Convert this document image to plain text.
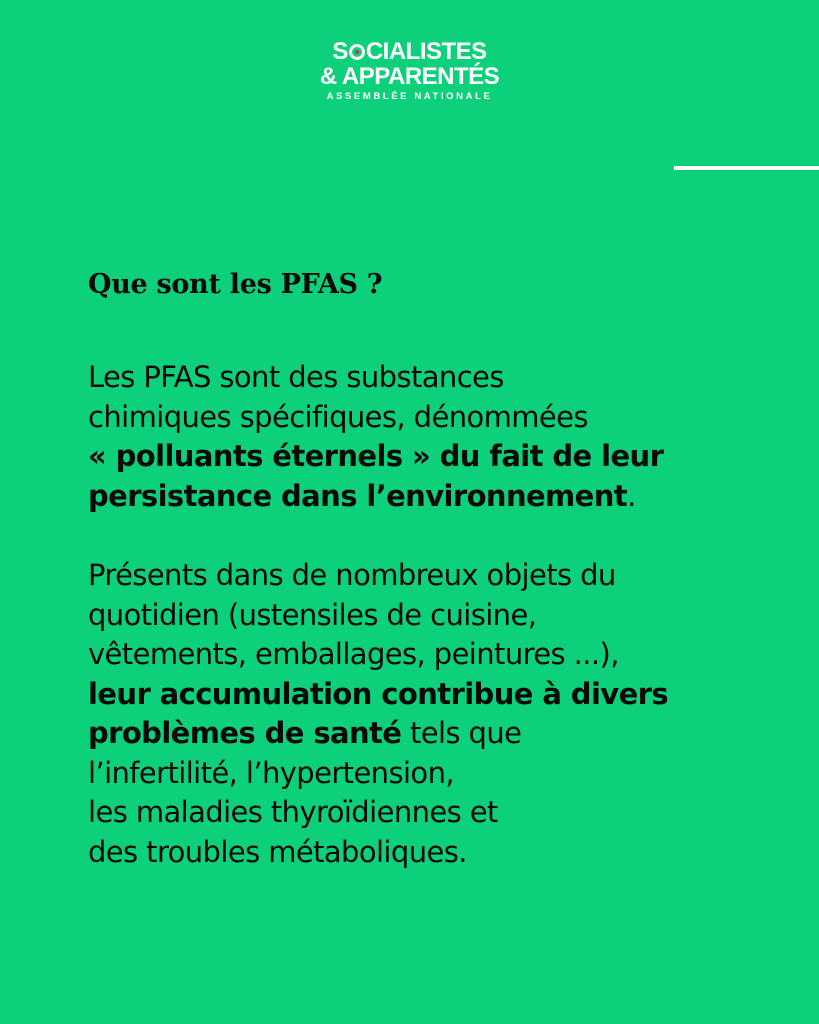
S CIALISTES
& APPARENTÉS
ASSEMBLÉE NATIONALE
Que sont les PFAS ?

Les PFAS sont des substances
chimiques spécifiques, dénommées
« polluants éternels » du fait de leur
persistance dans l’environnement.

Présents dans de nombreux objets du
quotidien (ustensiles de cuisine,
vêtements, emballages, peintures ...),
leur accumulation contribue à divers
problèmes de santé tels que
l’infertilité, l’hypertension,
les maladies thyroïdiennes et
des troubles métaboliques.
